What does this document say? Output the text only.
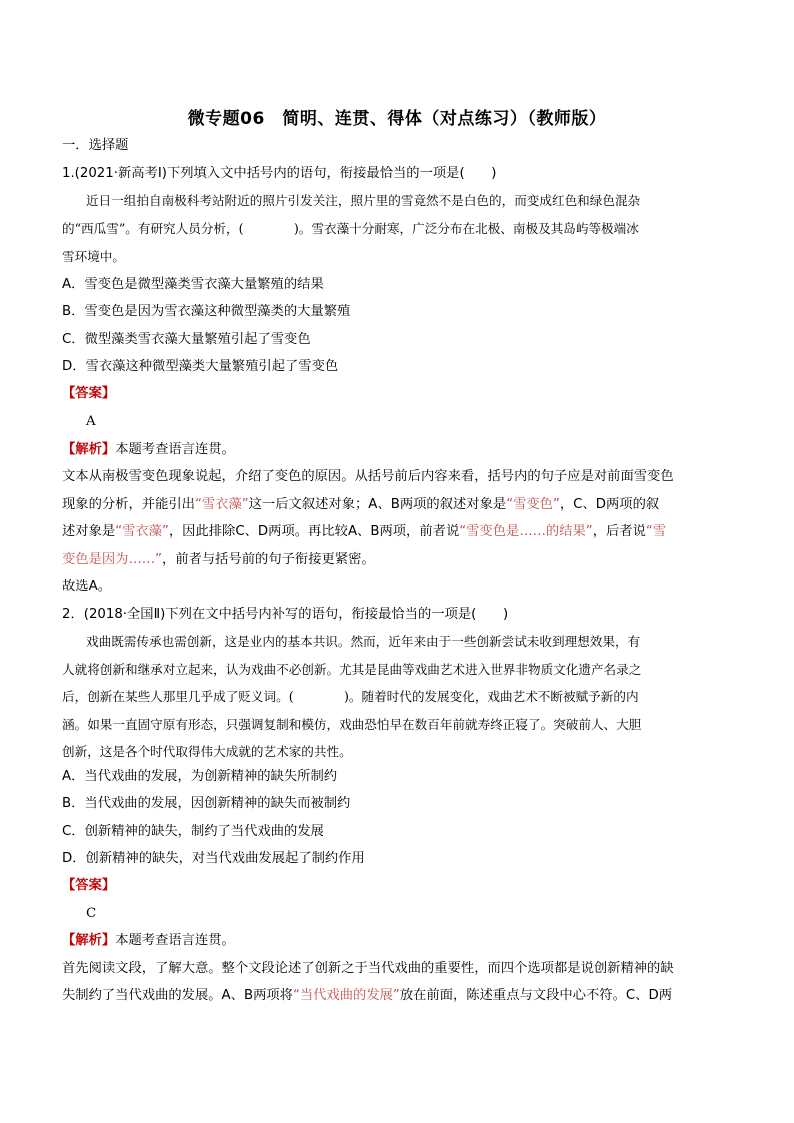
微专题06　简明、连贯、得体（对点练习）（教师版）
一．选择题
1.(2021·新高考Ⅰ)下列填入文中括号内的语句，衔接最恰当的一项是(　　)
近日一组拍自南极科考站附近的照片引发关注，照片里的雪竟然不是白色的，而变成红色和绿色混杂
的“西瓜雪”。有研究人员分析，(　　　　)。雪衣藻十分耐寒，广泛分布在北极、南极及其岛屿等极端冰
雪环境中。
A．雪变色是微型藻类雪衣藻大量繁殖的结果
B．雪变色是因为雪衣藻这种微型藻类的大量繁殖
C．微型藻类雪衣藻大量繁殖引起了雪变色
D．雪衣藻这种微型藻类大量繁殖引起了雪变色
【答案】
A
【解析】本题考查语言连贯。
文本从南极雪变色现象说起，介绍了变色的原因。从括号前后内容来看，括号内的句子应是对前面雪变色
现象的分析，并能引出“雪衣藻”这一后文叙述对象；A、B两项的叙述对象是“雪变色”，C、D两项的叙
述对象是“雪衣藻”，因此排除C、D两项。再比较A、B两项，前者说“雪变色是……的结果”，后者说“雪
变色是因为……”，前者与括号前的句子衔接更紧密。
故选A。
2．(2018·全国Ⅱ)下列在文中括号内补写的语句，衔接最恰当的一项是(　　)
戏曲既需传承也需创新，这是业内的基本共识。然而，近年来由于一些创新尝试未收到理想效果，有
人就将创新和继承对立起来，认为戏曲不必创新。尤其是昆曲等戏曲艺术进入世界非物质文化遗产名录之
后，创新在某些人那里几乎成了贬义词。(　　　　)。随着时代的发展变化，戏曲艺术不断被赋予新的内
涵。如果一直固守原有形态，只强调复制和模仿，戏曲恐怕早在数百年前就寿终正寝了。突破前人、大胆
创新，这是各个时代取得伟大成就的艺术家的共性。
A．当代戏曲的发展，为创新精神的缺失所制约
B．当代戏曲的发展，因创新精神的缺失而被制约
C．创新精神的缺失，制约了当代戏曲的发展
D．创新精神的缺失，对当代戏曲发展起了制约作用
【答案】
C
【解析】本题考查语言连贯。
首先阅读文段，了解大意。整个文段论述了创新之于当代戏曲的重要性，而四个选项都是说创新精神的缺
失制约了当代戏曲的发展。A、B两项将“当代戏曲的发展”放在前面，陈述重点与文段中心不符。C、D两
